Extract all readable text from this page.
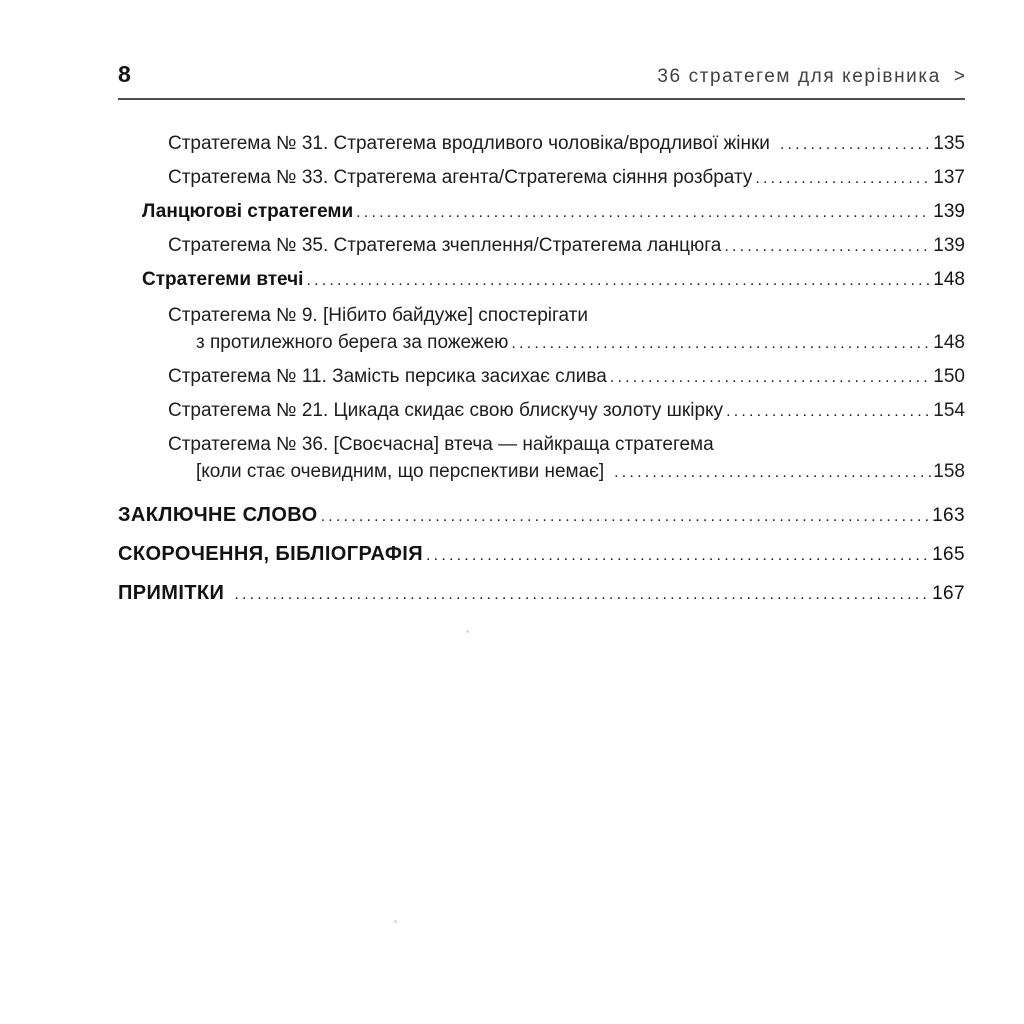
8	36 стратегем для керівника >
Стратегема № 31. Стратегема вродливого чоловіка/вродливої жінки .....	135
Стратегема № 33. Стратегема агента/Стратегема сіяння розбрату .....	137
Ланцюгові стратегеми .....	139
Стратегема № 35. Стратегема зчеплення/Стратегема ланцюга .....	139
Стратегеми втечі .....	148
Стратегема № 9. [Нібито байдуже] спостерігати
з протилежного берега за пожежею .....	148
Стратегема № 11. Замість персика засихає слива .....	150
Стратегема № 21. Цикада скидає свою блискучу золоту шкірку .....	154
Стратегема № 36. [Своєчасна] втеча — найкраща стратегема
[коли стає очевидним, що перспективи немає] .....	158
ЗАКЛЮЧНЕ СЛОВО .....	163
СКОРОЧЕННЯ, БІБЛІОГРАФІЯ .....	165
ПРИМІТКИ .....	167
